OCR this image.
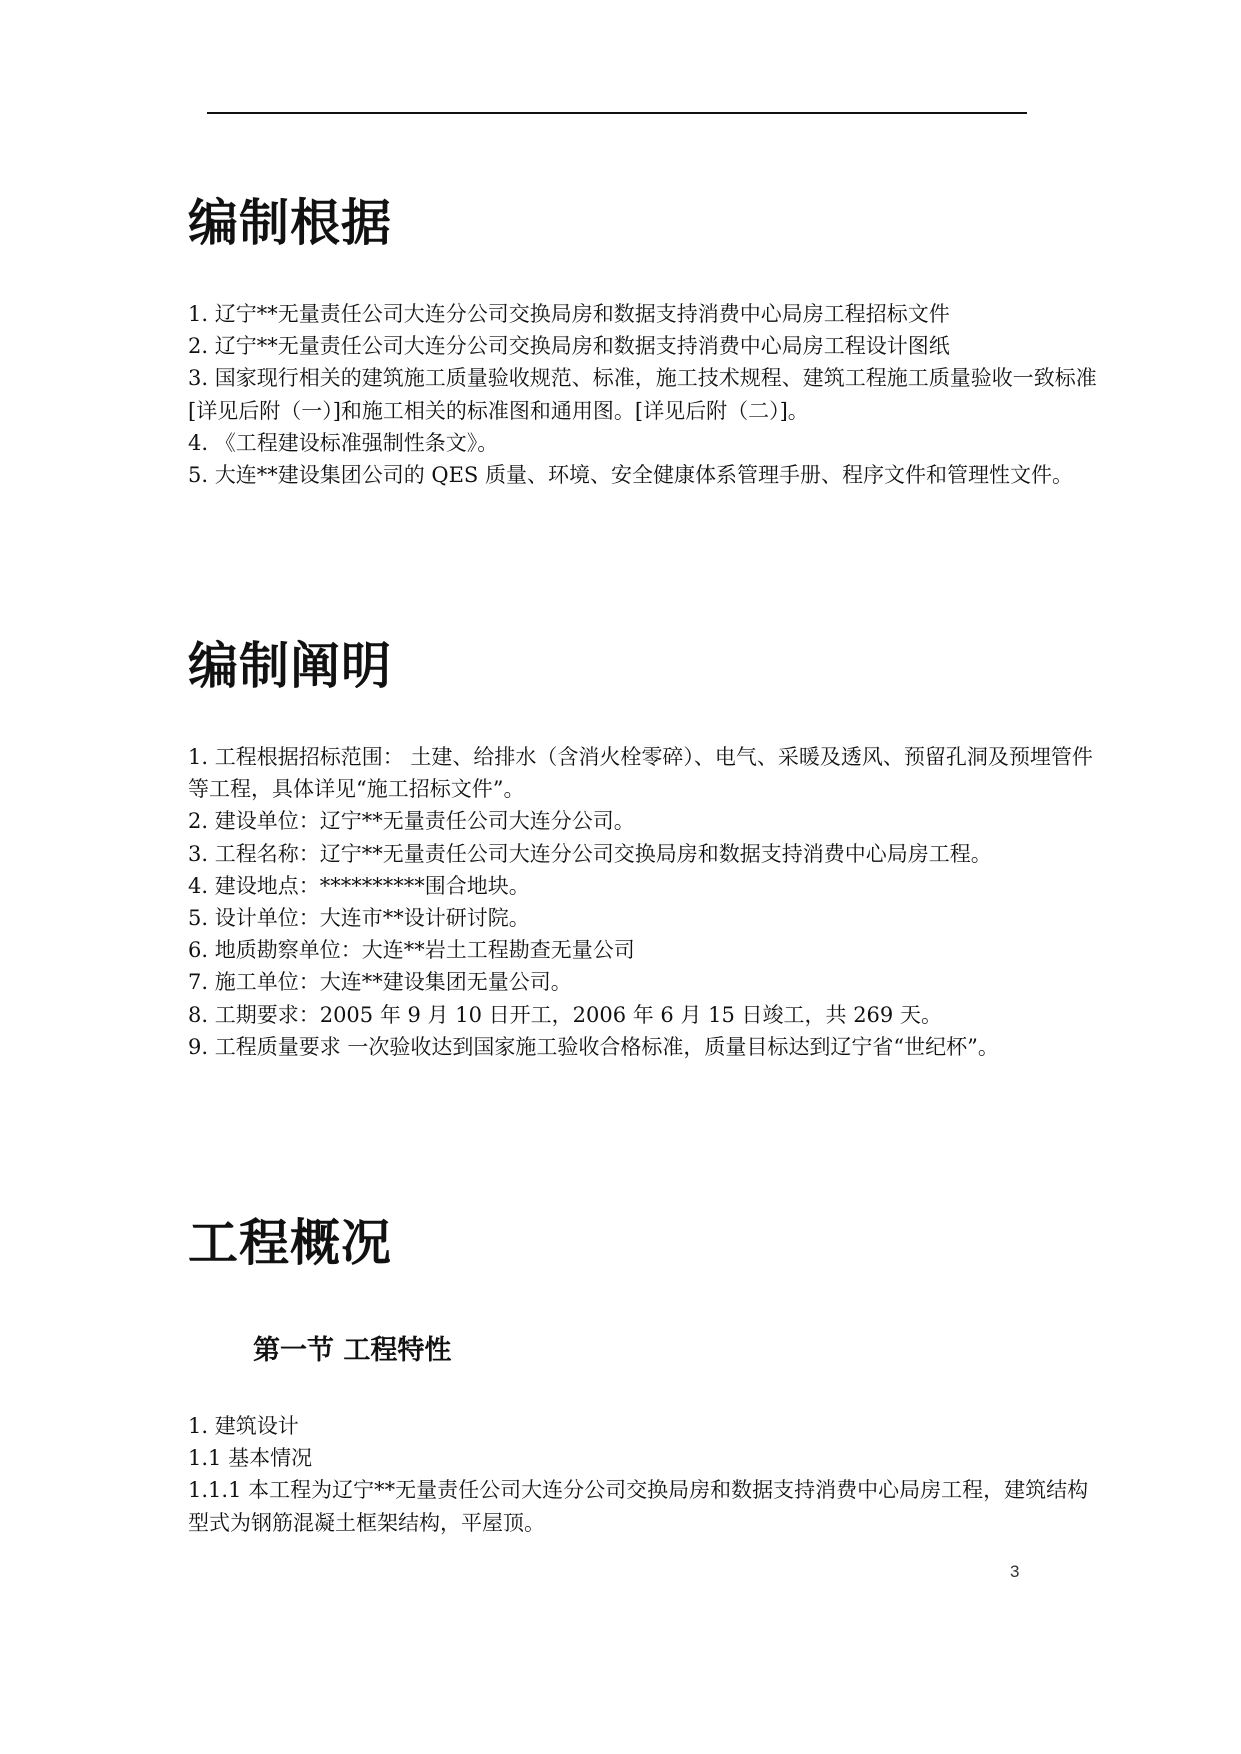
编制根据

1. 辽宁**无量责任公司大连分公司交换局房和数据支持消费中心局房工程招标文件

2. 辽宁**无量责任公司大连分公司交换局房和数据支持消费中心局房工程设计图纸

3. 国家现行相关的建筑施工质量验收规范、标准，施工技术规程、建筑工程施工质量验收一致标准 [详见后附（一）]和施工相关的标准图和通用图。[详见后附（二）]。

4. 《工程建设标准强制性条文》。

5. 大连**建设集团公司的 QES 质量、环境、安全健康体系管理手册、程序文件和管理性文件。

编制阐明

1. 工程根据招标范围： 土建、给排水（含消火栓零碎）、电气、采暖及透风、预留孔洞及预埋管件等工程，具体详见“施工招标文件”。

2. 建设单位：辽宁**无量责任公司大连分公司。

3. 工程名称：辽宁**无量责任公司大连分公司交换局房和数据支持消费中心局房工程。

4. 建设地点：**********围合地块。

5. 设计单位：大连市**设计研讨院。

6. 地质勘察单位：大连**岩土工程勘查无量公司

7. 施工单位：大连**建设集团无量公司。

8. 工期要求：2005 年 9 月 10 日开工，2006 年 6 月 15 日竣工，共 269 天。

9. 工程质量要求 一次验收达到国家施工验收合格标准，质量目标达到辽宁省“世纪杯”。

工程概况
第一节 工程特性

1. 建筑设计

1.1 基本情况

1.1.1 本工程为辽宁**无量责任公司大连分公司交换局房和数据支持消费中心局房工程，建筑结构型式为钢筋混凝土框架结构，平屋顶。

3
